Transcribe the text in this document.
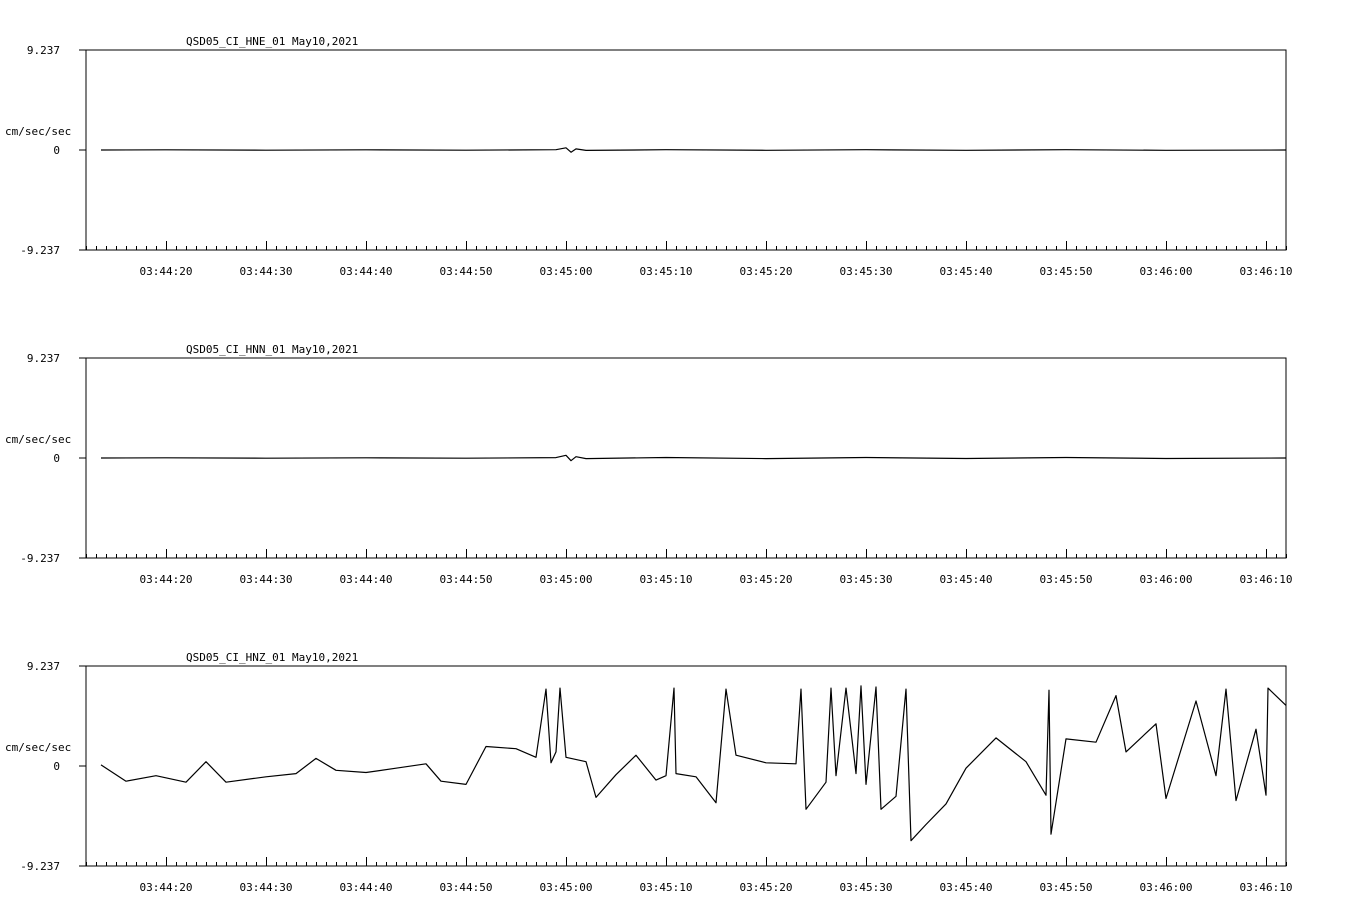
QSD05_CI_HNE_01 May10,2021
9.237
0
-9.237
cm/sec/sec
03:44:20	03:44:30	03:44:40	03:44:50	03:45:00	03:45:10	03:45:20	03:45:30	03:45:40	03:45:50	03:46:00	03:46:10
QSD05_CI_HNN_01 May10,2021
9.237
0
-9.237
cm/sec/sec
03:44:20	03:44:30	03:44:40	03:44:50	03:45:00	03:45:10	03:45:20	03:45:30	03:45:40	03:45:50	03:46:00	03:46:10
QSD05_CI_HNZ_01 May10,2021
9.237
0
-9.237
cm/sec/sec
03:44:20	03:44:30	03:44:40	03:44:50	03:45:00	03:45:10	03:45:20	03:45:30	03:45:40	03:45:50	03:46:00	03:46:10
